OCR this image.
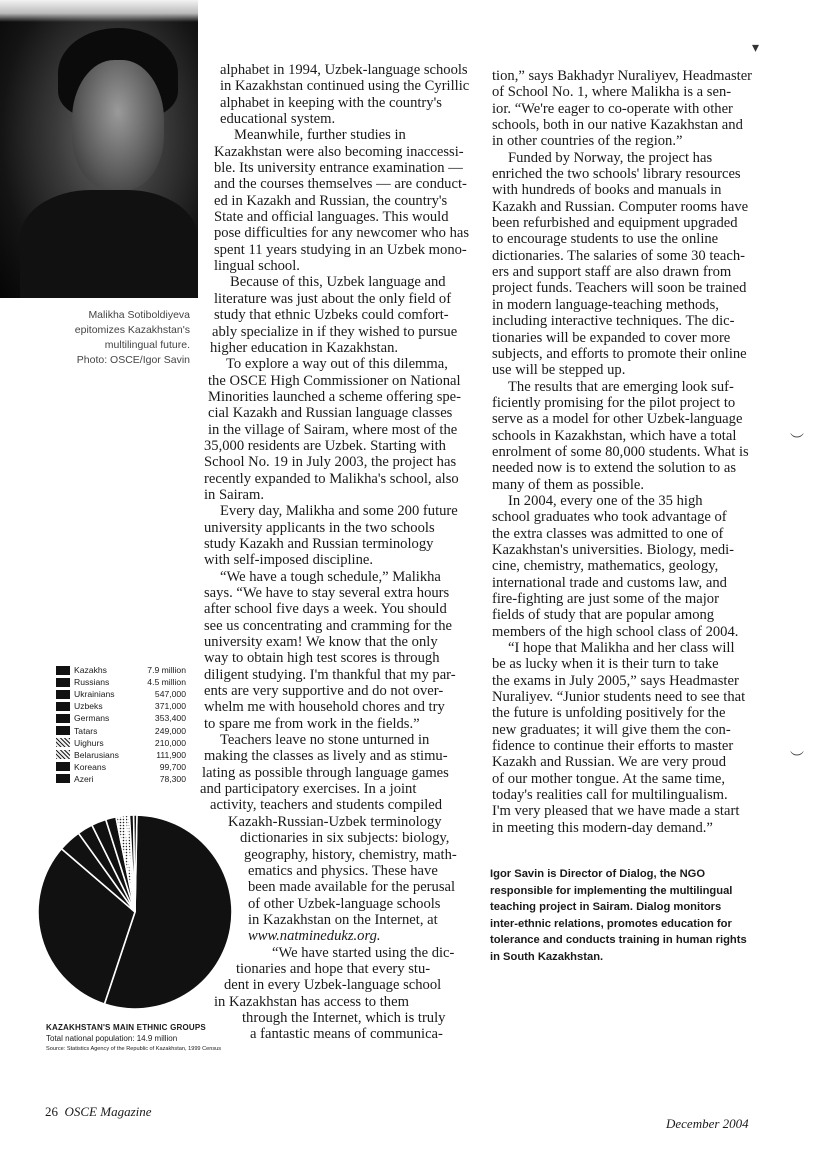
Malikha Sotiboldiyeva
epitomizes Kazakhstan's
multilingual future.
Photo: OSCE/Igor Savin

alphabet in 1994, Uzbek-language schools

in Kazakhstan continued using the Cyrillic

alphabet in keeping with the country's

educational system.

Meanwhile, further studies in

Kazakhstan were also becoming inaccessi-

ble. Its university entrance examination —

and the courses themselves — are conduct-

ed in Kazakh and Russian, the country's

State and official languages. This would

pose difficulties for any newcomer who has

spent 11 years studying in an Uzbek mono-

lingual school.

Because of this, Uzbek language and

literature was just about the only field of

study that ethnic Uzbeks could comfort-

ably specialize in if they wished to pursue

higher education in Kazakhstan.

To explore a way out of this dilemma,

the OSCE High Commissioner on National

Minorities launched a scheme offering spe-

cial Kazakh and Russian language classes

in the village of Sairam, where most of the

35,000 residents are Uzbek. Starting with

School No. 19 in July 2003, the project has

recently expanded to Malikha's school, also

in Sairam.

Every day, Malikha and some 200 future

university applicants in the two schools

study Kazakh and Russian terminology

with self-imposed discipline.

“We have a tough schedule,” Malikha

says. “We have to stay several extra hours

after school five days a week. You should

see us concentrating and cramming for the

university exam! We know that the only

way to obtain high test scores is through

diligent studying. I'm thankful that my par-

ents are very supportive and do not over-

whelm me with household chores and try

to spare me from work in the fields.”

Teachers leave no stone unturned in

making the classes as lively and as stimu-

lating as possible through language games

and participatory exercises. In a joint

activity, teachers and students compiled

Kazakh-Russian-Uzbek terminology

dictionaries in six subjects: biology,

geography, history, chemistry, math-

ematics and physics. These have

been made available for the perusal

of other Uzbek-language schools

in Kazakhstan on the Internet, at

www.natminedukz.org.

“We have started using the dic-

tionaries and hope that every stu-

dent in every Uzbek-language school

in Kazakhstan has access to them

through the Internet, which is truly

a fantastic means of communica-

tion,” says Bakhadyr Nuraliyev, Headmaster

of School No. 1, where Malikha is a sen-

ior. “We're eager to co-operate with other

schools, both in our native Kazakhstan and

in other countries of the region.”

Funded by Norway, the project has

enriched the two schools' library resources

with hundreds of books and manuals in

Kazakh and Russian. Computer rooms have

been refurbished and equipment upgraded

to encourage students to use the online

dictionaries. The salaries of some 30 teach-

ers and support staff are also drawn from

project funds. Teachers will soon be trained

in modern language-teaching methods,

including interactive techniques. The dic-

tionaries will be expanded to cover more

subjects, and efforts to promote their online

use will be stepped up.

The results that are emerging look suf-

ficiently promising for the pilot project to

serve as a model for other Uzbek-language

schools in Kazakhstan, which have a total

enrolment of some 80,000 students. What is

needed now is to extend the solution to as

many of them as possible.

In 2004, every one of the 35 high

school graduates who took advantage of

the extra classes was admitted to one of

Kazakhstan's universities. Biology, medi-

cine, chemistry, mathematics, geology,

international trade and customs law, and

fire-fighting are just some of the major

fields of study that are popular among

members of the high school class of 2004.

“I hope that Malikha and her class will

be as lucky when it is their turn to take

the exams in July 2005,” says Headmaster

Nuraliyev. “Junior students need to see that

the future is unfolding positively for the

new graduates; it will give them the con-

fidence to continue their efforts to master

Kazakh and Russian. We are very proud

of our mother tongue. At the same time,

today's realities call for multilingualism.

I'm very pleased that we have made a start

in meeting this modern-day demand.”

Igor Savin is Director of Dialog, the NGO
responsible for implementing the multilingual
teaching project in Sairam. Dialog monitors
inter-ethnic relations, promotes education for
tolerance and conducts training in human rights
in South Kazakhstan.
Kazakhs	7.9 million
Russians	4.5 million
Ukrainians	547,000
Uzbeks	371,000
Germans	353,400
Tatars	249,000
Uighurs	210,000
Belarusians	111,900
Koreans	99,700
Azeri	78,300
KAZAKHSTAN'S MAIN ETHNIC GROUPS
Total national population: 14.9 million
Source: Statistics Agency of the Republic of Kazakhstan, 1999 Census
26 OSCE Magazine
December 2004
▾
︶
︶
